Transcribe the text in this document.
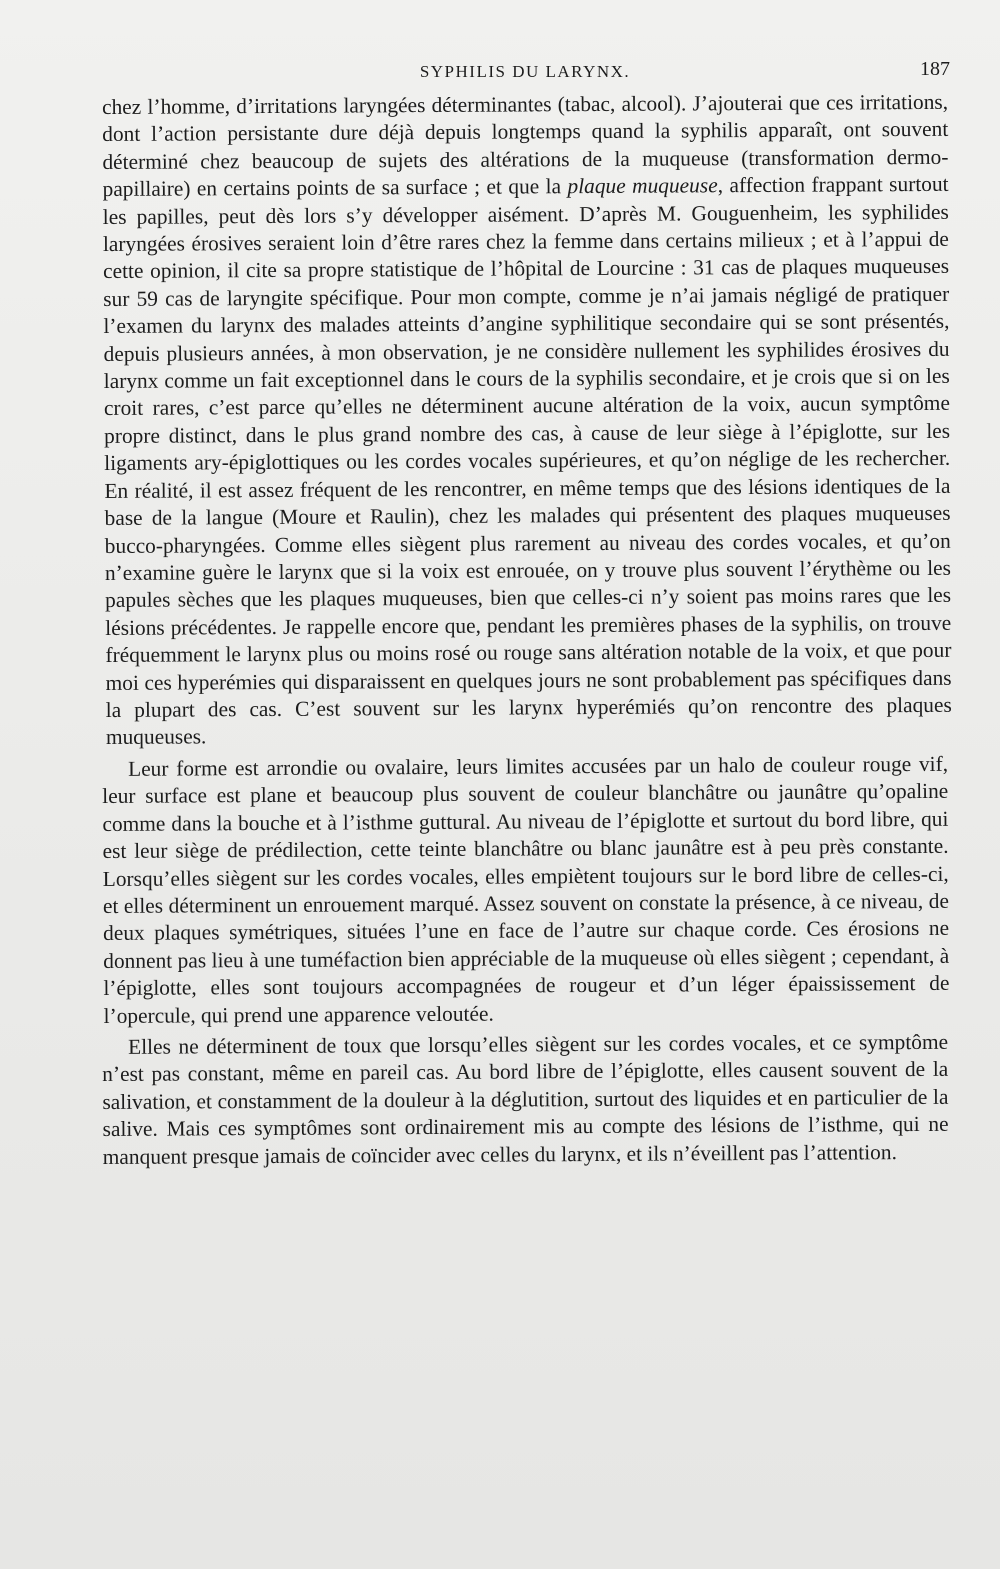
SYPHILIS DU LARYNX.	187

chez l’homme, d’irritations laryngées déterminantes (tabac, alcool). J’ajouterai que ces irritations, dont l’action persistante dure déjà depuis longtemps quand la syphilis apparaît, ont souvent déterminé chez beaucoup de sujets des altérations de la muqueuse (transformation dermo-papillaire) en certains points de sa surface ; et que la plaque muqueuse, affection frappant surtout les papilles, peut dès lors s’y développer aisément. D’après M. Gouguenheim, les syphilides laryngées érosives seraient loin d’être rares chez la femme dans certains milieux ; et à l’appui de cette opinion, il cite sa propre statistique de l’hôpital de Lourcine : 31 cas de plaques muqueuses sur 59 cas de laryngite spécifique. Pour mon compte, comme je n’ai jamais négligé de pratiquer l’examen du larynx des malades atteints d’angine syphilitique secondaire qui se sont présentés, depuis plusieurs années, à mon observation, je ne considère nullement les syphilides érosives du larynx comme un fait exceptionnel dans le cours de la syphilis secondaire, et je crois que si on les croit rares, c’est parce qu’elles ne déterminent aucune altération de la voix, aucun symptôme propre distinct, dans le plus grand nombre des cas, à cause de leur siège à l’épiglotte, sur les ligaments ary-épiglottiques ou les cordes vocales supérieures, et qu’on néglige de les rechercher. En réalité, il est assez fréquent de les rencontrer, en même temps que des lésions identiques de la base de la langue (Moure et Raulin), chez les malades qui présentent des plaques muqueuses bucco-pharyngées. Comme elles siègent plus rarement au niveau des cordes vocales, et qu’on n’examine guère le larynx que si la voix est enrouée, on y trouve plus souvent l’érythème ou les papules sèches que les plaques muqueuses, bien que celles-ci n’y soient pas moins rares que les lésions précédentes. Je rappelle encore que, pendant les premières phases de la syphilis, on trouve fréquemment le larynx plus ou moins rosé ou rouge sans altération notable de la voix, et que pour moi ces hyperémies qui disparaissent en quelques jours ne sont probablement pas spécifiques dans la plupart des cas. C’est souvent sur les larynx hyperémiés qu’on rencontre des plaques muqueuses.

Leur forme est arrondie ou ovalaire, leurs limites accusées par un halo de couleur rouge vif, leur surface est plane et beaucoup plus souvent de couleur blanchâtre ou jaunâtre qu’opaline comme dans la bouche et à l’isthme guttural. Au niveau de l’épiglotte et surtout du bord libre, qui est leur siège de prédilection, cette teinte blanchâtre ou blanc jaunâtre est à peu près constante. Lorsqu’elles siègent sur les cordes vocales, elles empiètent toujours sur le bord libre de celles-ci, et elles déterminent un enrouement marqué. Assez souvent on constate la présence, à ce niveau, de deux plaques symétriques, situées l’une en face de l’autre sur chaque corde. Ces érosions ne donnent pas lieu à une tuméfaction bien appréciable de la muqueuse où elles siègent ; cependant, à l’épiglotte, elles sont toujours accompagnées de rougeur et d’un léger épaississement de l’opercule, qui prend une apparence veloutée.

Elles ne déterminent de toux que lorsqu’elles siègent sur les cordes vocales, et ce symptôme n’est pas constant, même en pareil cas. Au bord libre de l’épiglotte, elles causent souvent de la salivation, et constamment de la douleur à la déglutition, surtout des liquides et en particulier de la salive. Mais ces symptômes sont ordinairement mis au compte des lésions de l’isthme, qui ne manquent presque jamais de coïncider avec celles du larynx, et ils n’éveillent pas l’attention.
